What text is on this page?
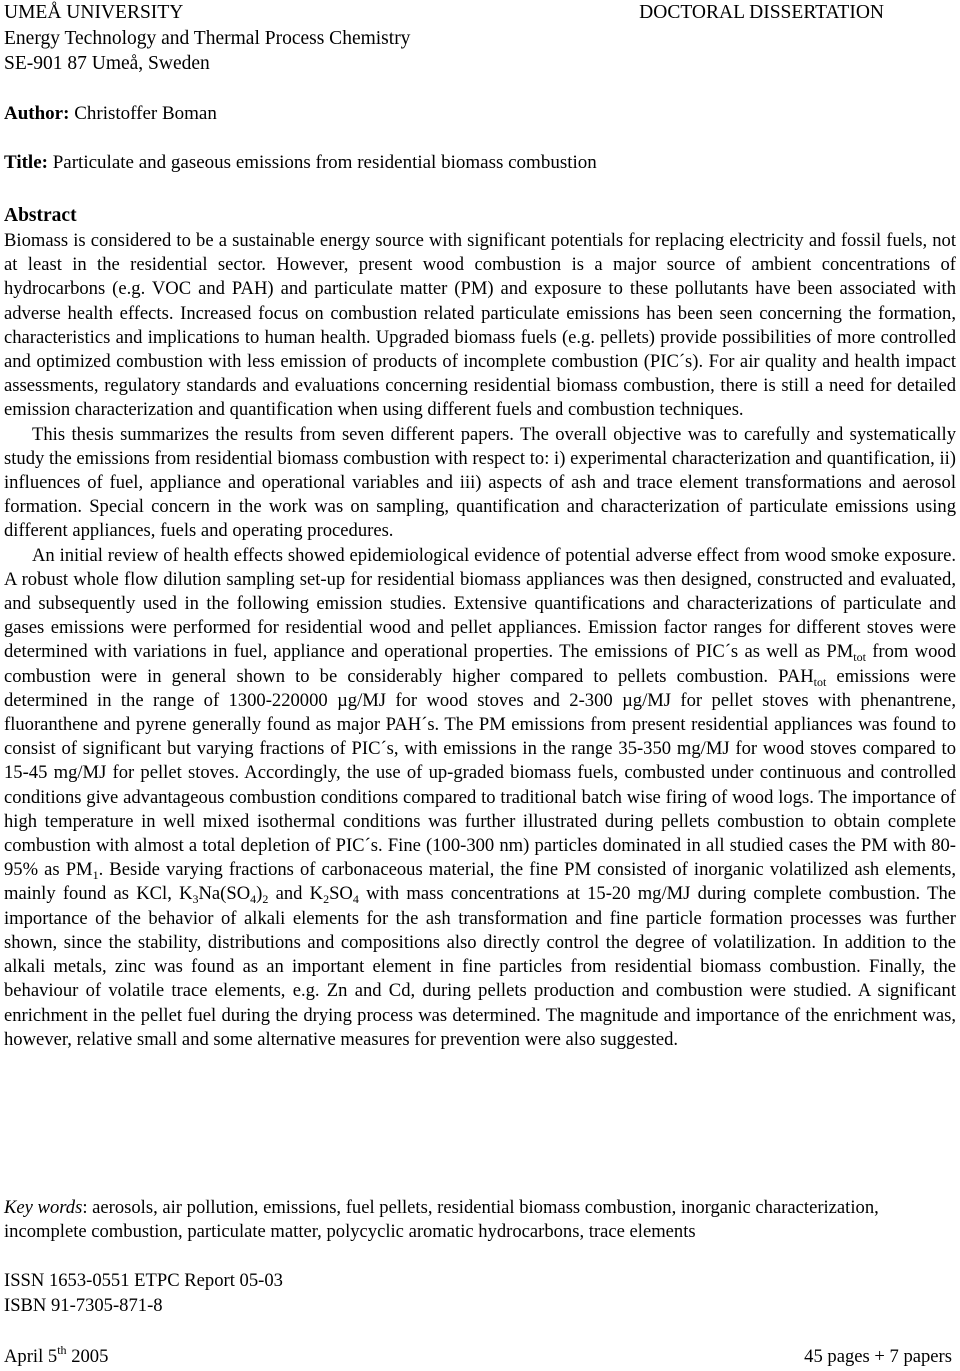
UMEÅ UNIVERSITY
Energy Technology and Thermal Process Chemistry
SE-901 87 Umeå, Sweden
DOCTORAL DISSERTATION
Author: Christoffer Boman
Title: Particulate and gaseous emissions from residential biomass combustion
Abstract

Biomass is considered to be a sustainable energy source with significant potentials for replacing electricity and fossil fuels, not at least in the residential sector. However, present wood combustion is a major source of ambient concentrations of hydrocarbons (e.g. VOC and PAH) and particulate matter (PM) and exposure to these pollutants have been associated with adverse health effects. Increased focus on combustion related particulate emissions has been seen concerning the formation, characteristics and implications to human health. Upgraded biomass fuels (e.g. pellets) provide possibilities of more controlled and optimized combustion with less emission of products of incomplete combustion (PIC´s). For air quality and health impact assessments, regulatory standards and evaluations concerning residential biomass combustion, there is still a need for detailed emission characterization and quantification when using different fuels and combustion techniques.

This thesis summarizes the results from seven different papers. The overall objective was to carefully and systematically study the emissions from residential biomass combustion with respect to: i) experimental characterization and quantification, ii) influences of fuel, appliance and operational variables and iii) aspects of ash and trace element transformations and aerosol formation. Special concern in the work was on sampling, quantification and characterization of particulate emissions using different appliances, fuels and operating procedures.

An initial review of health effects showed epidemiological evidence of potential adverse effect from wood smoke exposure. A robust whole flow dilution sampling set-up for residential biomass appliances was then designed, constructed and evaluated, and subsequently used in the following emission studies. Extensive quantifications and characterizations of particulate and gases emissions were performed for residential wood and pellet appliances. Emission factor ranges for different stoves were determined with variations in fuel, appliance and operational properties. The emissions of PIC´s as well as $PM_{tot}$ from wood combustion were in general shown to be considerably higher compared to pellets combustion. $PAH_{tot}$ emissions were determined in the range of 1300-220000 µg/MJ for wood stoves and 2-300 µg/MJ for pellet stoves with phenantrene, fluoranthene and pyrene generally found as major PAH´s. The PM emissions from present residential appliances was found to consist of significant but varying fractions of PIC´s, with emissions in the range 35-350 mg/MJ for wood stoves compared to 15-45 mg/MJ for pellet stoves. Accordingly, the use of up-graded biomass fuels, combusted under continuous and controlled conditions give advantageous combustion conditions compared to traditional batch wise firing of wood logs. The importance of high temperature in well mixed isothermal conditions was further illustrated during pellets combustion to obtain complete combustion with almost a total depletion of PIC´s. Fine (100-300 nm) particles dominated in all studied cases the PM with 80-95% as $PM_1$. Beside varying fractions of carbonaceous material, the fine PM consisted of inorganic volatilized ash elements, mainly found as KCl, $K_3Na(SO_4)_2$ and $K_2SO_4$ with mass concentrations at 15-20 mg/MJ during complete combustion. The importance of the behavior of alkali elements for the ash transformation and fine particle formation processes was further shown, since the stability, distributions and compositions also directly control the degree of volatilization. In addition to the alkali metals, zinc was found as an important element in fine particles from residential biomass combustion. Finally, the behaviour of volatile trace elements, e.g. Zn and Cd, during pellets production and combustion were studied. A significant enrichment in the pellet fuel during the drying process was determined. The magnitude and importance of the enrichment was, however, relative small and some alternative measures for prevention were also suggested.

Key words: aerosols, air pollution, emissions, fuel pellets, residential biomass combustion, inorganic characterization, incomplete combustion, particulate matter, polycyclic aromatic hydrocarbons, trace elements
ISSN 1653-0551 ETPC Report 05-03
ISBN 91-7305-871-8
April 5th 2005	45 pages + 7 papers
